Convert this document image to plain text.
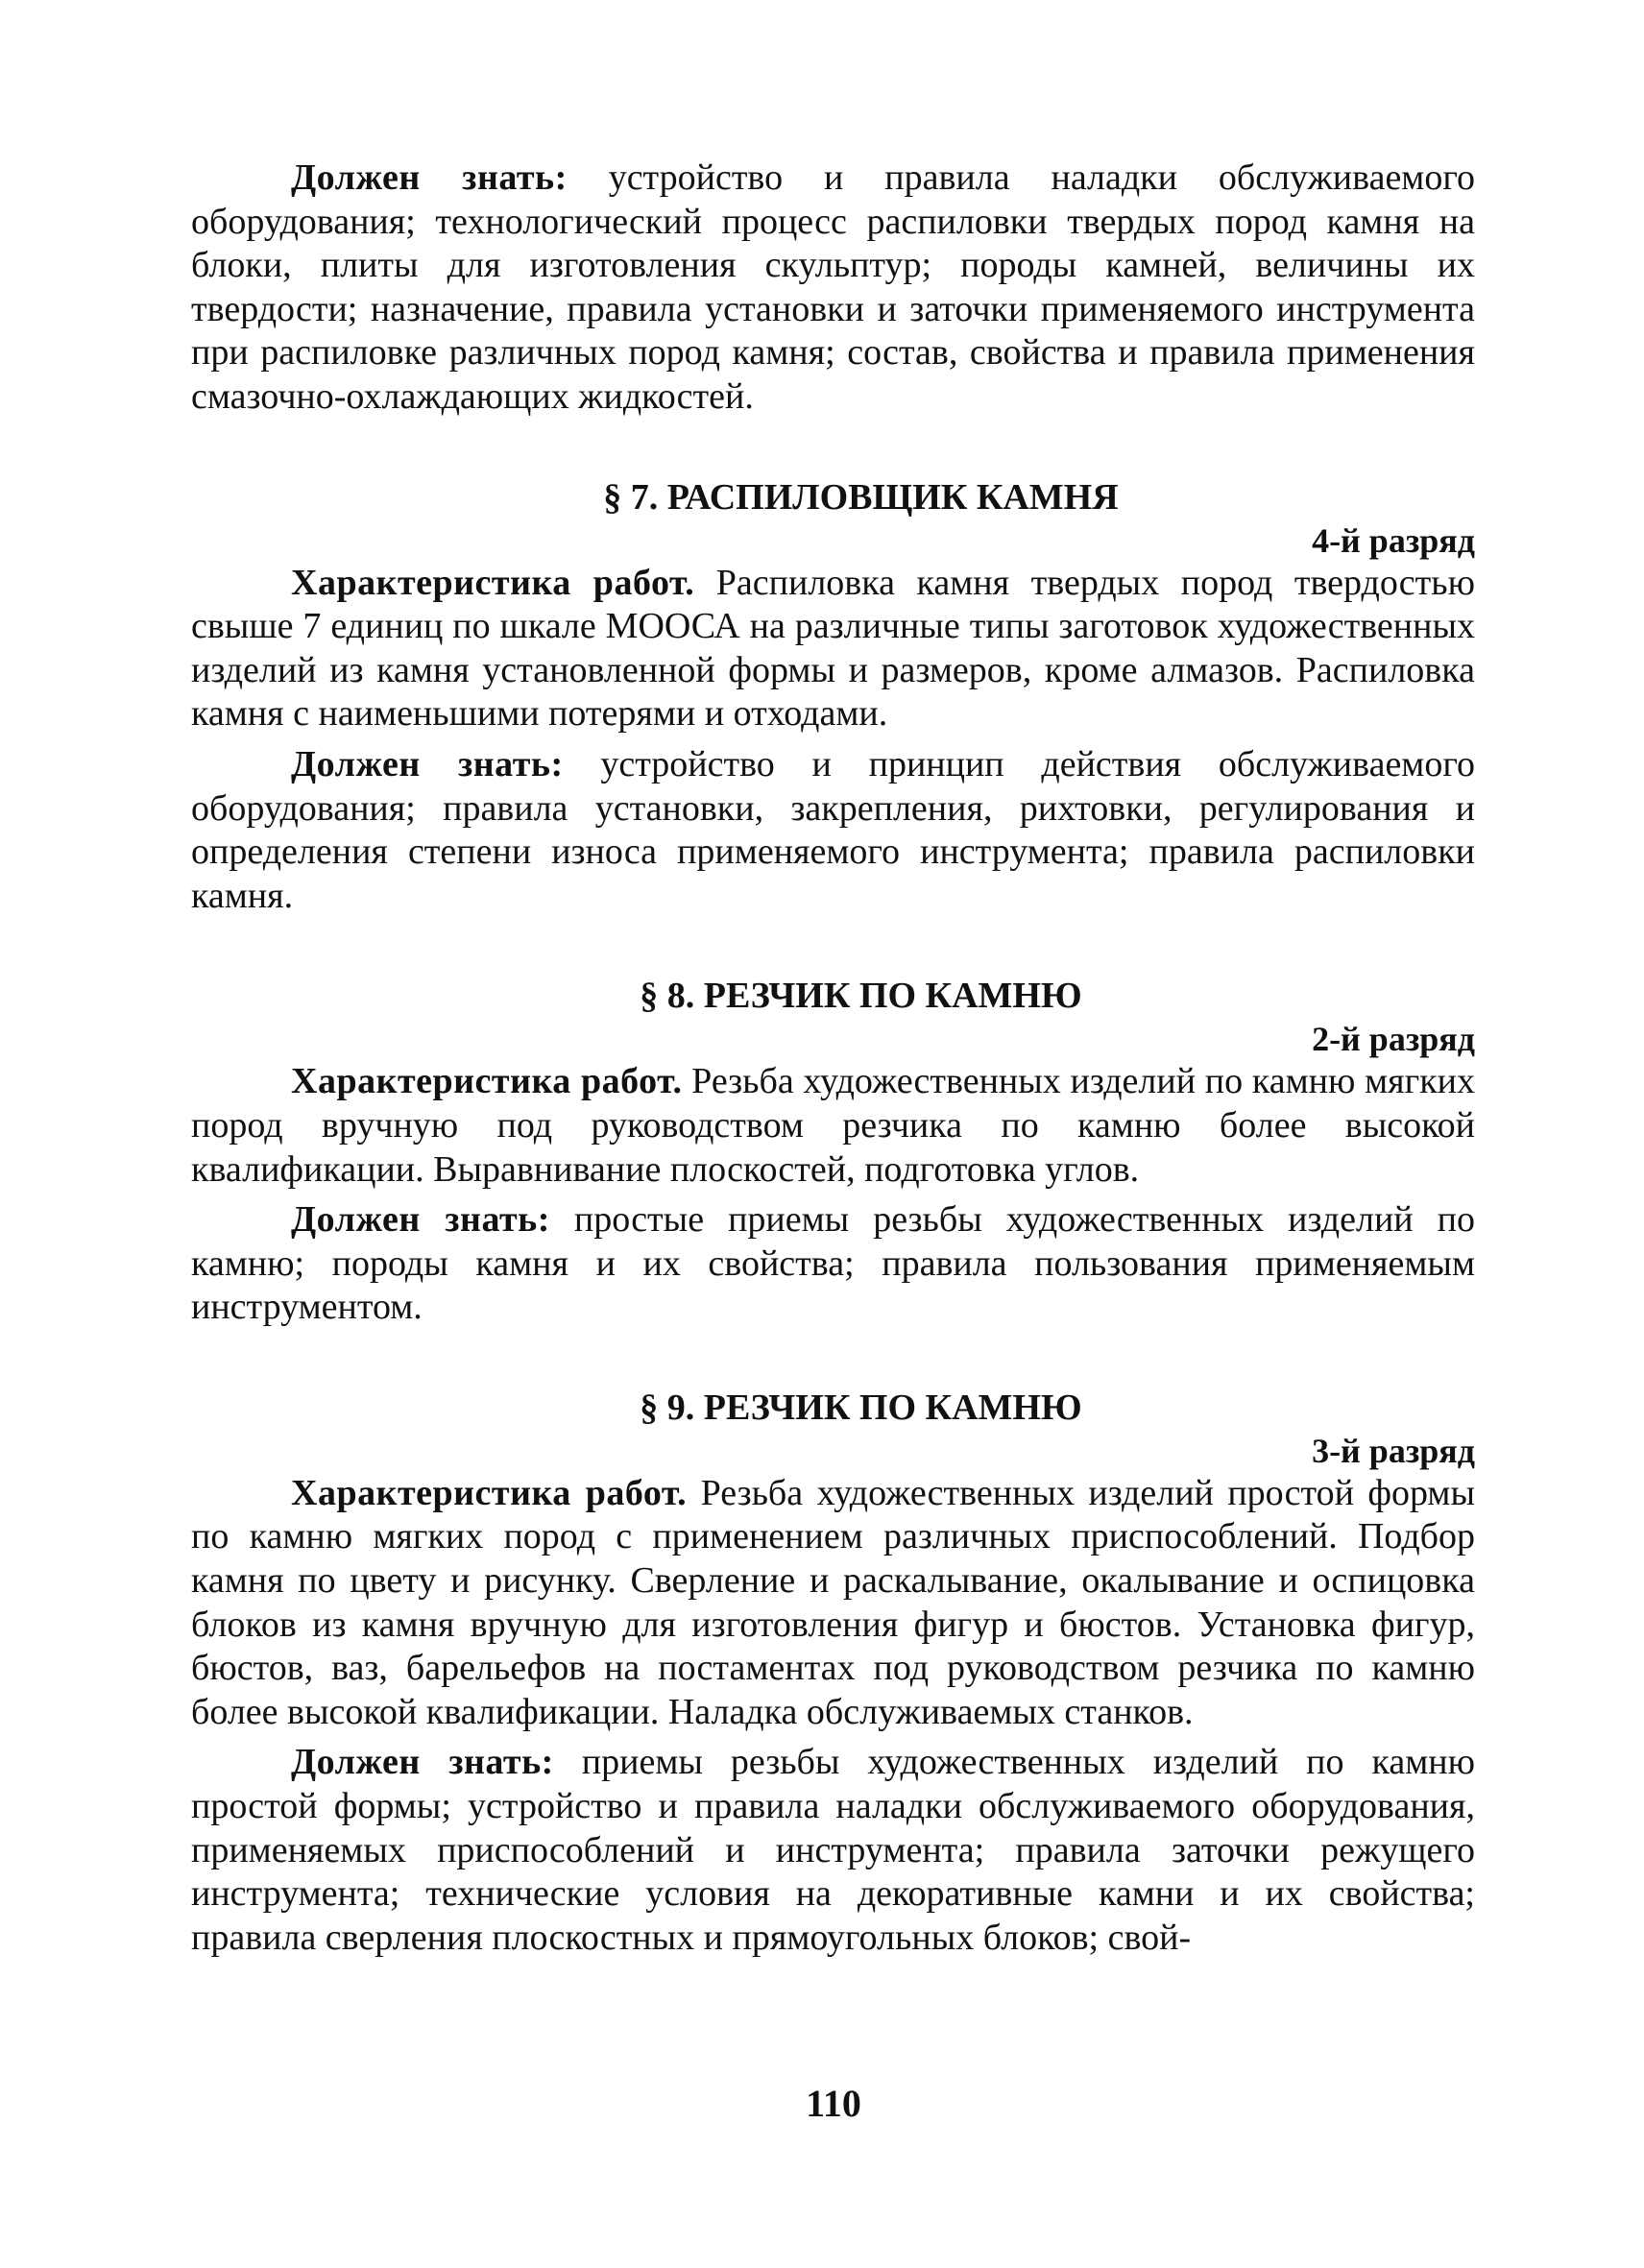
Должен знать: устройство и правила наладки обслуживаемого оборудования; технологический процесс распиловки твердых пород камня на блоки, плиты для изготовления скульптур; породы камней, величины их твердости; назначение, правила установки и заточки применяемого инструмента при распиловке различных пород камня; состав, свойства и правила применения смазочно-охлаждающих жидкостей.

§ 7. РАСПИЛОВЩИК КАМНЯ

4-й разряд

Характеристика работ. Распиловка камня твердых пород твердостью свыше 7 единиц по шкале МООСА на различные типы заготовок художественных изделий из камня установленной формы и размеров, кроме алмазов. Распиловка камня с наименьшими потерями и отходами.

Должен знать: устройство и принцип действия обслуживаемого оборудования; правила установки, закрепления, рихтовки, регулирования и определения степени износа применяемого инструмента; правила распиловки камня.

§ 8. РЕЗЧИК ПО КАМНЮ

2-й разряд

Характеристика работ. Резьба художественных изделий по камню мягких пород вручную под руководством резчика по камню более высокой квалификации. Выравнивание плоскостей, подготовка углов.

Должен знать: простые приемы резьбы художественных изделий по камню; породы камня и их свойства; правила пользования применяемым инструментом.

§ 9. РЕЗЧИК ПО КАМНЮ

3-й разряд

Характеристика работ. Резьба художественных изделий простой формы по камню мягких пород с применением различных приспособлений. Подбор камня по цвету и рисунку. Сверление и раскалывание, окалывание и оспицовка блоков из камня вручную для изготовления фигур и бюстов. Установка фигур, бюстов, ваз, барельефов на постаментах под руководством резчика по камню более высокой квалификации. Наладка обслуживаемых станков.

Должен знать: приемы резьбы художественных изделий по камню простой формы; устройство и правила наладки обслуживаемого оборудования, применяемых приспособлений и инструмента; правила заточки режущего инструмента; технические условия на декоративные камни и их свойства; правила сверления плоскостных и прямоугольных блоков; свой-

110
